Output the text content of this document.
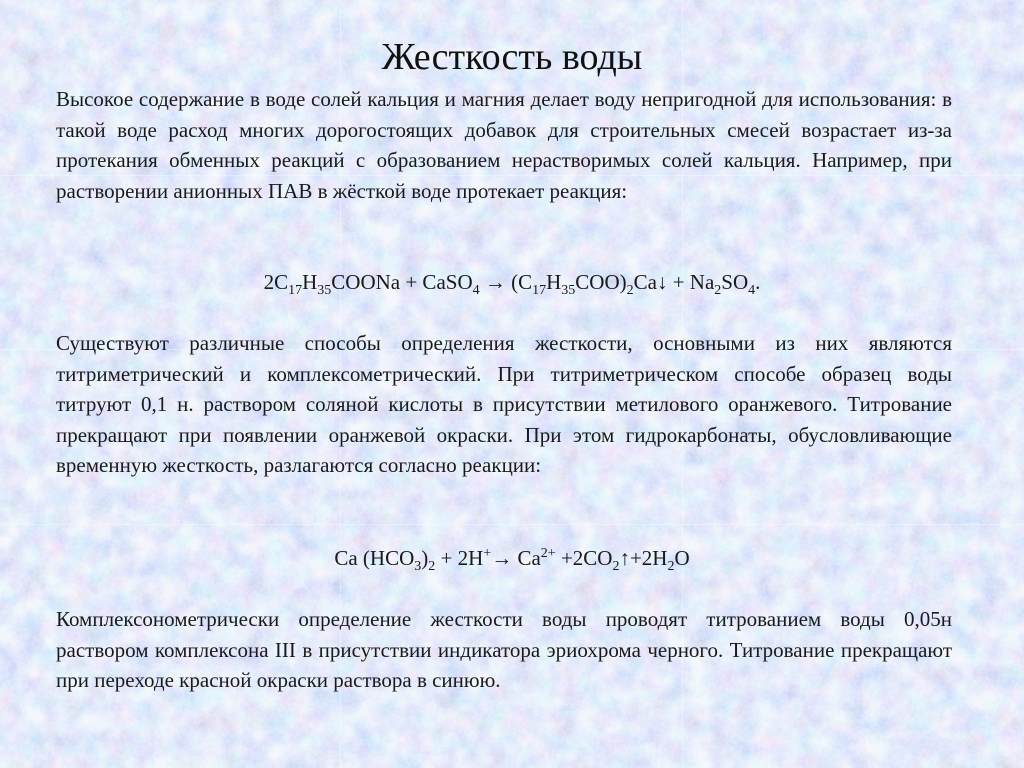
Жесткость воды

Высокое содержание в воде солей кальция и магния делает воду непригодной для использования: в такой воде расход многих дорогостоящих добавок для строительных смесей возрастает из-за протекания обменных реакций с образованием нерастворимых солей кальция. Например, при растворении анионных ПАВ в жёсткой воде протекает реакция:

$2C_{17}H_{35}COONa$ + CaSO$_4$ → $(C_{17}H_{35}COO)_2Ca↓ + Na_2SO_4$.

Существуют различные способы определения жесткости, основными из них являются титриметрический и комплексометрический. При титриметрическом способе образец воды титруют 0,1 н. раствором соляной кислоты в присутствии метилового оранжевого. Титрование прекращают при появлении оранжевой окраски. При этом гидрокарбонаты, обусловливающие временную жесткость, разлагаются согласно реакции:

Ca $(HCO_3)_2 + 2H^+\to Ca^{2+}$ $+2CO_2↑+2H_2O$

Комплексонометрически определение жесткости воды проводят титрованием воды 0,05н раствором комплексона III в присутствии индикатора эриохрома черного. Титрование прекращают при переходе красной окраски раствора в синюю.
